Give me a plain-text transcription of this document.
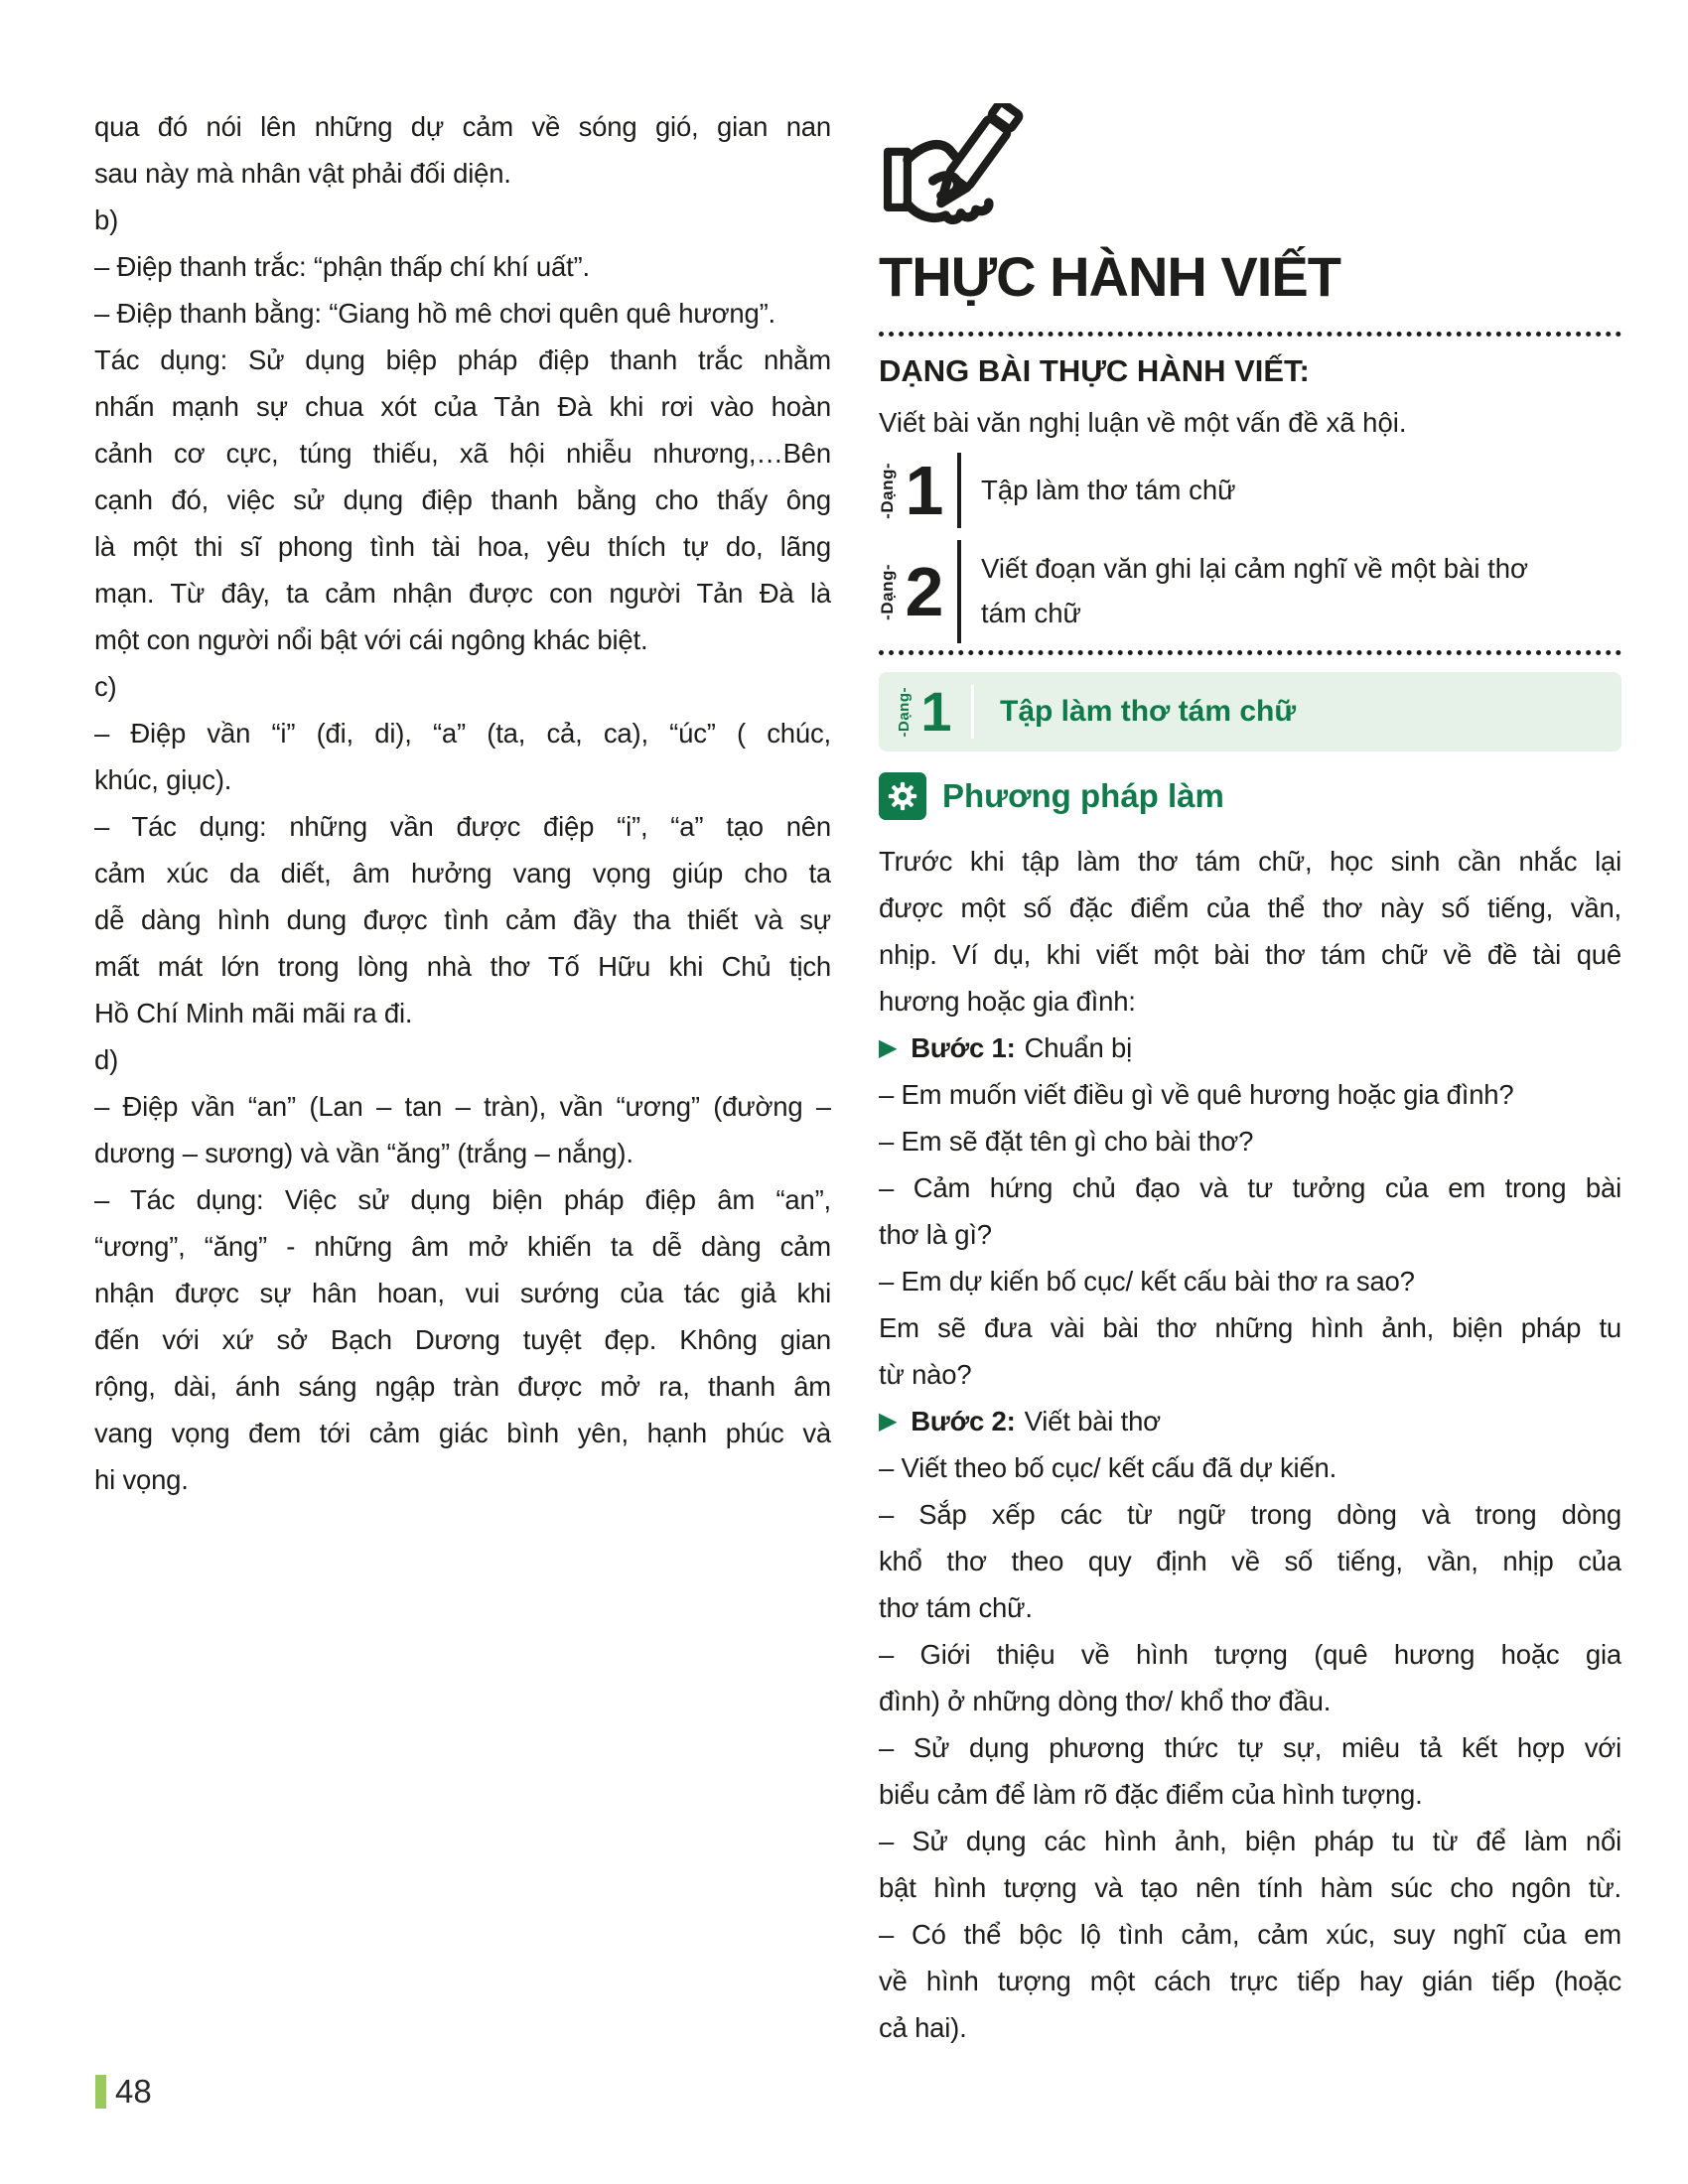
qua đó nói lên những dự cảm về sóng gió, gian nan
sau này mà nhân vật phải đối diện.
b)
– Điệp thanh trắc: “phận thấp chí khí uất”.
– Điệp thanh bằng: “Giang hồ mê chơi quên quê hương”.
Tác dụng: Sử dụng biệp pháp điệp thanh trắc nhằm
nhấn mạnh sự chua xót của Tản Đà khi rơi vào hoàn
cảnh cơ cực, túng thiếu, xã hội nhiễu nhương,…Bên
cạnh đó, việc sử dụng điệp thanh bằng cho thấy ông
là một thi sĩ phong tình tài hoa, yêu thích tự do, lãng
mạn. Từ đây, ta cảm nhận được con người Tản Đà là
một con người nổi bật với cái ngông khác biệt.
c)
– Điệp vần “i” (đi, di), “a” (ta, cả, ca), “úc” ( chúc,
khúc, giục).
– Tác dụng: những vần được điệp “i”, “a” tạo nên
cảm xúc da diết, âm hưởng vang vọng giúp cho ta
dễ dàng hình dung được tình cảm đầy tha thiết và sự
mất mát lớn trong lòng nhà thơ Tố Hữu khi Chủ tịch
Hồ Chí Minh mãi mãi ra đi.
d)
– Điệp vần “an” (Lan – tan – tràn), vần “ương” (đường –
dương – sương) và vần “ăng” (trắng – nắng).
– Tác dụng: Việc sử dụng biện pháp điệp âm “an”,
“ương”, “ăng” - những âm mở khiến ta dễ dàng cảm
nhận được sự hân hoan, vui sướng của tác giả khi
đến với xứ sở Bạch Dương tuyệt đẹp. Không gian
rộng, dài, ánh sáng ngập tràn được mở ra, thanh âm
vang vọng đem tới cảm giác bình yên, hạnh phúc và
hi vọng.
THỰC HÀNH VIẾT
DẠNG BÀI THỰC HÀNH VIẾT:
Viết bài văn nghị luận về một vấn đề xã hội.
-Dạng- 1	Tập làm thơ tám chữ
-Dạng- 2	Viết đoạn văn ghi lại cảm nghĩ về một bài thơ tám chữ
-Dạng- 1	Tập làm thơ tám chữ
Phương pháp làm
Trước khi tập làm thơ tám chữ, học sinh cần nhắc lại
được một số đặc điểm của thể thơ này số tiếng, vần,
nhịp. Ví dụ, khi viết một bài thơ tám chữ về đề tài quê
hương hoặc gia đình:
▶ Bước 1: Chuẩn bị
– Em muốn viết điều gì về quê hương hoặc gia đình?
– Em sẽ đặt tên gì cho bài thơ?
– Cảm hứng chủ đạo và tư tưởng của em trong bài
thơ là gì?
– Em dự kiến bố cục/ kết cấu bài thơ ra sao?
Em sẽ đưa vài bài thơ những hình ảnh, biện pháp tu
từ nào?
▶ Bước 2: Viết bài thơ
– Viết theo bố cục/ kết cấu đã dự kiến.
– Sắp xếp các từ ngữ trong dòng và trong dòng
khổ thơ theo quy định về số tiếng, vần, nhịp của
thơ tám chữ.
– Giới thiệu về hình tượng (quê hương hoặc gia
đình) ở những dòng thơ/ khổ thơ đầu.
– Sử dụng phương thức tự sự, miêu tả kết hợp với
biểu cảm để làm rõ đặc điểm của hình tượng.
– Sử dụng các hình ảnh, biện pháp tu từ để làm nổi
bật hình tượng và tạo nên tính hàm súc cho ngôn từ.
– Có thể bộc lộ tình cảm, cảm xúc, suy nghĩ của em
về hình tượng một cách trực tiếp hay gián tiếp (hoặc
cả hai).
48
